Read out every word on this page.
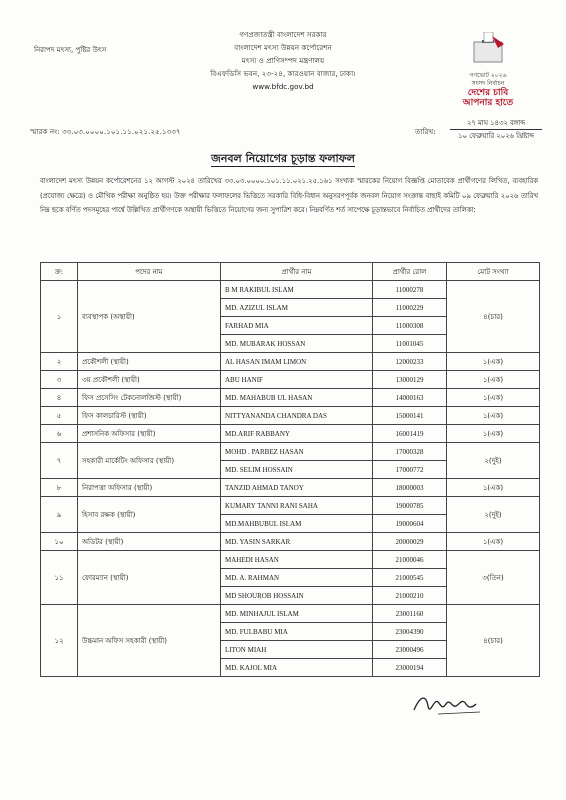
নিরাপদ মৎস্য, পুষ্টির উৎস
গণপ্রজাতন্ত্রী বাংলাদেশ সরকার
বাংলাদেশ মৎস্য উন্নয়ন কর্পোরেশন
মৎস্য ও প্রাণিসম্পদ মন্ত্রণালয়
বিএফডিসি ভবন, ২৩-২৪, কারওয়ান বাজার, ঢাকা।
www.bfdc.gov.bd
গণভোট ২০২৬
সংসদ নির্বাচন
দেশের চাবি
আপনার হাতে
স্মারক নং: ৩৩.০৩.০০০০.১০১.১১.০২১.২৫.১৩৩৭	তারিখ:
২৭ মাঘ ১৪৩২ বঙ্গাব্দ
১০ ফেব্রুয়ারি ২০২৬ খ্রিষ্টাব্দ
জনবল নিয়োগের চূড়ান্ত ফলাফল
বাংলাদেশ মৎস্য উন্নয়ন কর্পোরেশনের ১২ আগস্ট ২০২৪ তারিখের ৩৩.০৩.০০০০.১০১.১১.০২১.২৫.১৬১ সংখ্যক স্মারকের নিয়োগ বিজ্ঞপ্তি মোতাবেক প্রার্থীগণের লিখিত, ব্যবহারিক (প্রযোজ্য ক্ষেত্রে) ও মৌখিক পরীক্ষা অনুষ্ঠিত হয়। উক্ত পরীক্ষার ফলাফলের ভিত্তিতে সরকারি বিধি-বিধান অনুসরণপূর্বক জনবল নিয়োগ সংক্রান্ত বাছাই কমিটি ০৯ ফেব্রুয়ারি ২০২৬ তারিখ নিম্ন ছকে বর্ণিত পদসমূহের পার্শ্বে উল্লিখিত প্রার্থীগণকে অস্থায়ী ভিত্তিতে নিয়োগের জন্য সুপারিশ করে। নিম্নবর্ণিত শর্ত সাপেক্ষে চূড়ান্তভাবে নির্বাচিত প্রার্থীদের তালিকা:
ক্র:	পদের নাম	প্রার্থীর নাম	প্রার্থীর রোল	মোট সংখ্যা
১	ব্যবস্থাপক (অস্থায়ী)	B M RAKIBUL ISLAM	11000278	৪(চার)
		MD. AZIZUL ISLAM	11000229	
		FARHAD MIA	11000308	
		MD. MUBARAK HOSSAN	11001045	
২	প্রকৌশলী (স্থায়ী)	AL HASAN IMAM LIMON	12000233	১(এক)
৩	৩য় প্রকৌশলী (স্থায়ী)	ABU HANIF	13000129	১(এক)
৪	ফিস প্রসেসিং টেকনোলজিস্ট (স্থায়ী)	MD. MAHABUB UL HASAN	14000163	১(এক)
৫	ফিস কালচারিস্ট (স্থায়ী)	NITTYANANDA CHANDRA DAS	15000141	১(এক)
৬	প্রশাসনিক অফিসার (স্থায়ী)	MD.ARIF RABBANY	16001419	১(এক)
৭	সহকারী মার্কেটিং অফিসার (স্থায়ী)	MOHD . PARBEZ HASAN	17000328	২(দুই)
		MD. SELIM HOSSAIN	17000772	
৮	নিরাপত্তা অফিসার (স্থায়ী)	TANZID AHMAD TANOY	18000003	১(এক)
৯	হিসাব রক্ষক (স্থায়ী)	KUMARY TANNI RANI SAHA	19000785	২(দুই)
		MD.MAHBUBUL ISLAM	19000604	
১০	অডিটর (স্থায়ী)	MD. YASIN SARKAR	20000029	১(এক)
১১	ফোরম্যান (স্থায়ী)	MAHEDI HASAN	21000046	৩(তিন)
		MD. A. RAHMAN	21000545	
		MD SHOUROB HOSSAIN	21000210	
১২	উচ্চমান অফিস সহকারী (স্থায়ী)	MD. MINHAJUL ISLAM	23001160	৪(চার)
		MD. FULBABU MIA	23004390	
		LITON MIAH	23000496	
		MD. KAJOL MIA	23000194	
